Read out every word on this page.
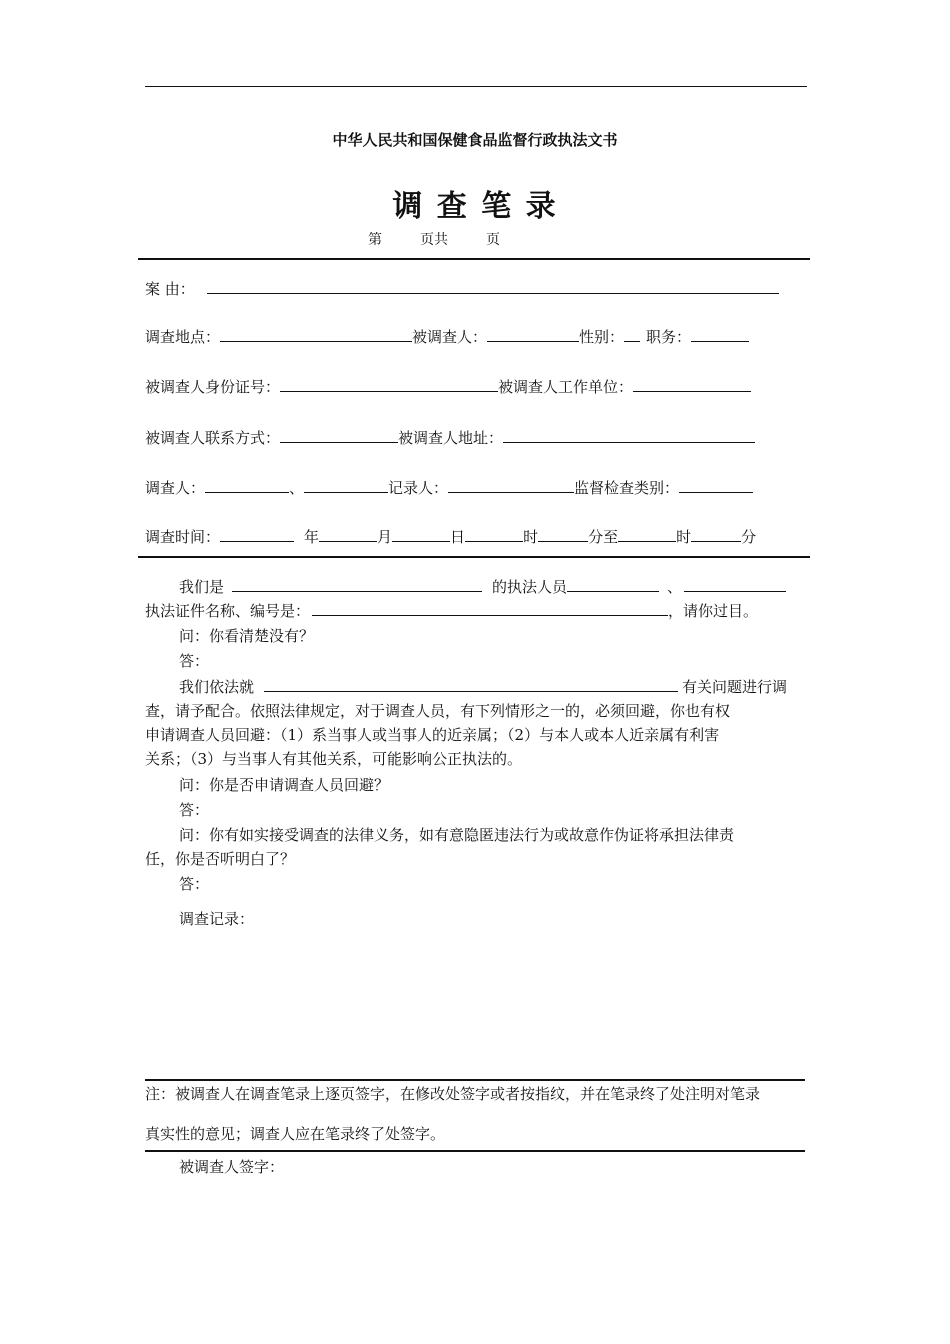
中华人民共和国保健食品监督行政执法文书
调 查 笔 录
第	页共	页
案 由：
调查地点：	被调查人：	性别： 职务：
被调查人身份证号：	被调查人工作单位：
被调查人联系方式：	被调查人地址：
调查人：	、	记录人：	监督检查类别：
调查时间：	年	月	日	时	分至	时	分
我们是	的执法人员	、
执法证件名称、编号是：	，请你过目。
问：你看清楚没有？
答：
我们依法就	有关问题进行调
查，请予配合。依照法律规定，对于调查人员，有下列情形之一的，必须回避，你也有权
申请调查人员回避：（1）系当事人或当事人的近亲属；（2）与本人或本人近亲属有利害
关系；（3）与当事人有其他关系，可能影响公正执法的。
问：你是否申请调查人员回避？
答：
问：你有如实接受调查的法律义务，如有意隐匿违法行为或故意作伪证将承担法律责
任，你是否听明白了？
答：
调查记录：
注：被调查人在调查笔录上逐页签字，在修改处签字或者按指纹，并在笔录终了处注明对笔录
真实性的意见；调查人应在笔录终了处签字。
被调查人签字：
